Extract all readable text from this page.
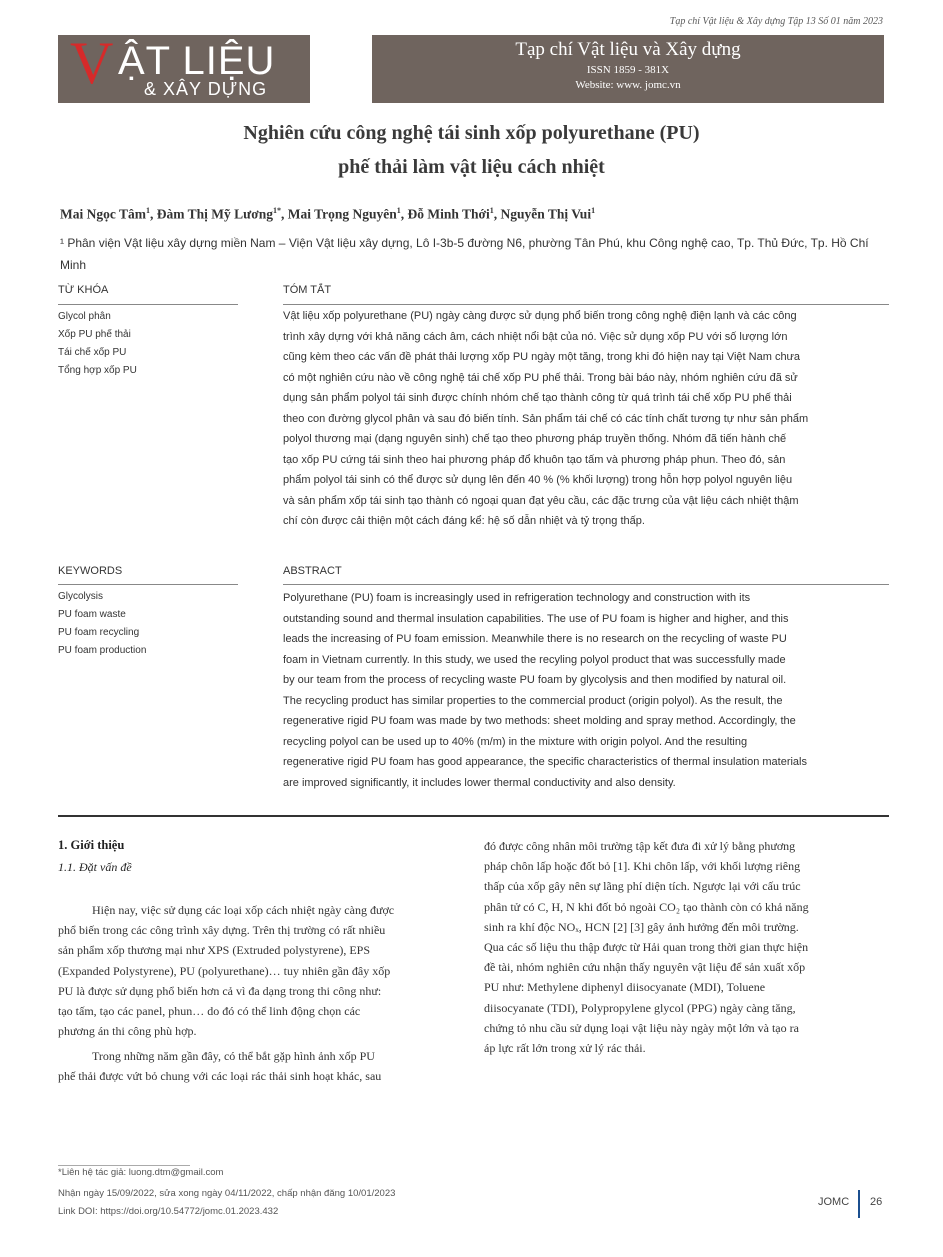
Tạp chí Vật liệu & Xây dựng Tập 13 Số 01 năm 2023
V ẬT LIỆU
& XÂY DỰNG
Tạp chí Vật liệu và Xây dựng
ISSN 1859 - 381X
Website: www. jomc.vn
Nghiên cứu công nghệ tái sinh xốp polyurethane (PU)
phế thải làm vật liệu cách nhiệt
Mai Ngọc Tâm$^1$, Đàm Thị Mỹ Lương$^{1*}$, Mai Trọng Nguyên$^1$, Đỗ Minh Thới$^1$, Nguyễn Thị Vui$^1$
¹ Phân viện Vật liệu xây dựng miền Nam – Viện Vật liệu xây dựng, Lô I-3b-5 đường N6, phường Tân Phú, khu Công nghệ cao, Tp. Thủ Đức, Tp. Hồ Chí Minh
TỪ KHÓA
Glycol phân
Xốp PU phế thải
Tái chế xốp PU
Tổng hợp xốp PU
TÓM TẮT
Vật liệu xốp polyurethane (PU) ngày càng được sử dụng phổ biến trong công nghệ điện lạnh và các công
trình xây dựng với khả năng cách âm, cách nhiệt nổi bật của nó. Việc sử dụng xốp PU với số lượng lớn
cũng kèm theo các vấn đề phát thải lượng xốp PU ngày một tăng, trong khi đó hiện nay tại Việt Nam chưa
có một nghiên cứu nào về công nghệ tái chế xốp PU phế thải. Trong bài báo này, nhóm nghiên cứu đã sử
dụng sản phẩm polyol tái sinh được chính nhóm chế tạo thành công từ quá trình tái chế xốp PU phế thải
theo con đường glycol phân và sau đó biến tính. Sản phẩm tái chế có các tính chất tương tự như sản phẩm
polyol thương mại (dạng nguyên sinh) chế tạo theo phương pháp truyền thống. Nhóm đã tiến hành chế
tạo xốp PU cứng tái sinh theo hai phương pháp đổ khuôn tạo tấm và phương pháp phun. Theo đó, sản
phẩm polyol tái sinh có thể được sử dụng lên đến 40 % (% khối lượng) trong hỗn hợp polyol nguyên liệu
và sản phẩm xốp tái sinh tạo thành có ngoại quan đạt yêu cầu, các đặc trưng của vật liệu cách nhiệt thậm
chí còn được cải thiện một cách đáng kể: hệ số dẫn nhiệt và tỷ trọng thấp.
KEYWORDS
Glycolysis
PU foam waste
PU foam recycling
PU foam production
ABSTRACT
Polyurethane (PU) foam is increasingly used in refrigeration technology and construction with its
outstanding sound and thermal insulation capabilities. The use of PU foam is higher and higher, and this
leads the increasing of PU foam emission. Meanwhile there is no research on the recycling of waste PU
foam in Vietnam currently. In this study, we used the recyling polyol product that was successfully made
by our team from the process of recycling waste PU foam by glycolysis and then modified by natural oil.
The recycling product has similar properties to the commercial product (origin polyol). As the result, the
regenerative rigid PU foam was made by two methods: sheet molding and spray method. Accordingly, the
recycling polyol can be used up to 40% (m/m) in the mixture with origin polyol. And the resulting
regenerative rigid PU foam has good appearance, the specific characteristics of thermal insulation materials
are improved significantly, it includes lower thermal conductivity and also density.
1. Giới thiệu
1.1. Đặt vấn đề
Hiện nay, việc sử dụng các loại xốp cách nhiệt ngày càng được
phổ biến trong các công trình xây dựng. Trên thị trường có rất nhiều
sản phẩm xốp thương mại như XPS (Extruded polystyrene), EPS
(Expanded Polystyrene), PU (polyurethane)… tuy nhiên gần đây xốp
PU là được sử dụng phổ biến hơn cả vì đa dạng trong thi công như:
tạo tấm, tạo các panel, phun… do đó có thể linh động chọn các
phương án thi công phù hợp.
Trong những năm gần đây, có thể bắt gặp hình ảnh xốp PU
phế thải được vứt bỏ chung với các loại rác thải sinh hoạt khác, sau
đó được công nhân môi trường tập kết đưa đi xử lý bằng phương
pháp chôn lấp hoặc đốt bỏ [1]. Khi chôn lấp, với khối lượng riêng
thấp của xốp gây nên sự lãng phí diện tích. Ngược lại với cấu trúc
phân tử có C, H, N khi đốt bỏ ngoài CO₂ tạo thành còn có khả năng
sinh ra khí độc NOₓ, HCN [2] [3] gây ảnh hưởng đến môi trường.
Qua các số liệu thu thập được từ Hải quan trong thời gian thực hiện
đề tài, nhóm nghiên cứu nhận thấy nguyên vật liệu để sản xuất xốp
PU như: Methylene diphenyl diisocyanate (MDI), Toluene
diisocyanate (TDI), Polypropylene glycol (PPG) ngày càng tăng,
chứng tỏ nhu cầu sử dụng loại vật liệu này ngày một lớn và tạo ra
áp lực rất lớn trong xử lý rác thải.
*Liên hệ tác giả: luong.dtm@gmail.com
Nhận ngày 15/09/2022, sửa xong ngày 04/11/2022, chấp nhận đăng 10/01/2023
Link DOI: https://doi.org/10.54772/jomc.01.2023.432
JOMC 26
